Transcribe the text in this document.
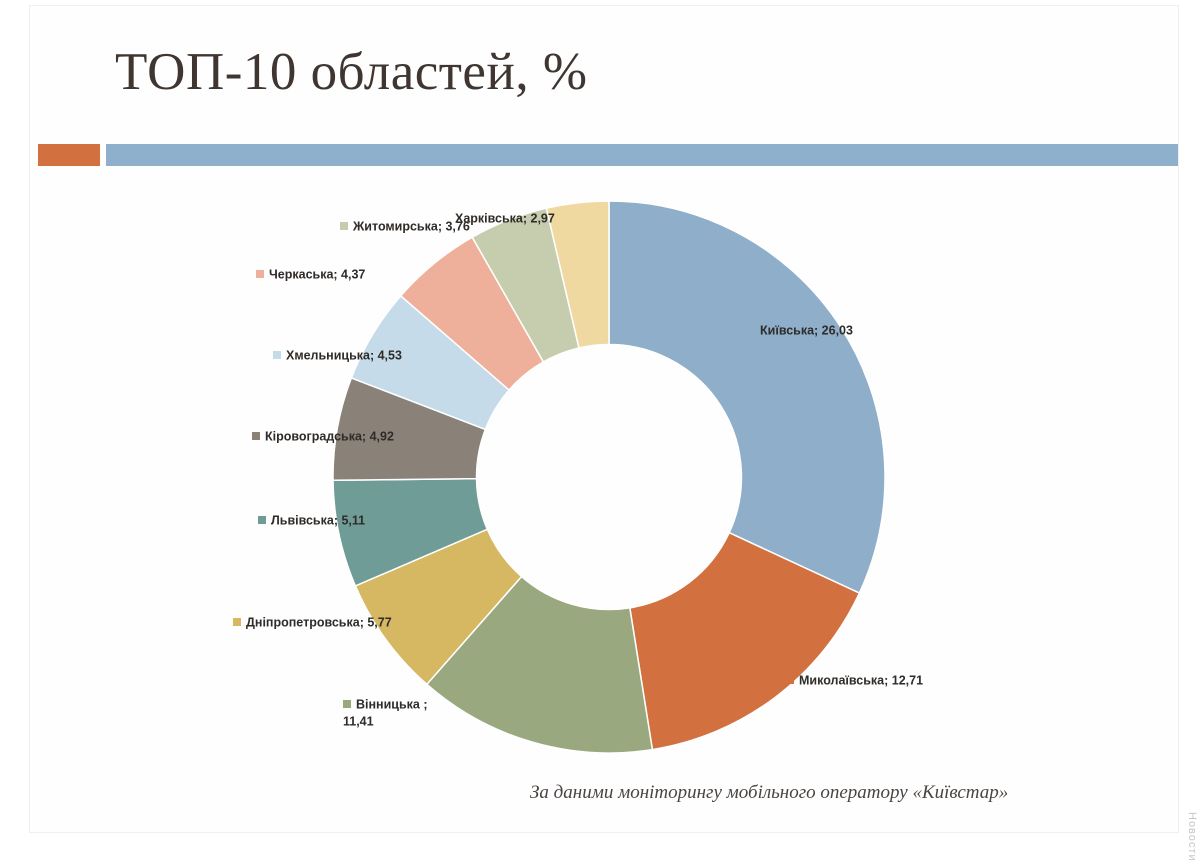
ТОП-10 областей, %
Харківська; 2,97
Житомирська; 3,76
Черкаська; 4,37
Хмельницька; 4,53
Кіровоградська; 4,92
Львівська; 5,11
Дніпропетровська; 5,77
Вінницька ; 11,41
Миколаївська; 12,71
Київська; 26,03
За даними моніторингу мобільного оператору «Київстар»
Новости
